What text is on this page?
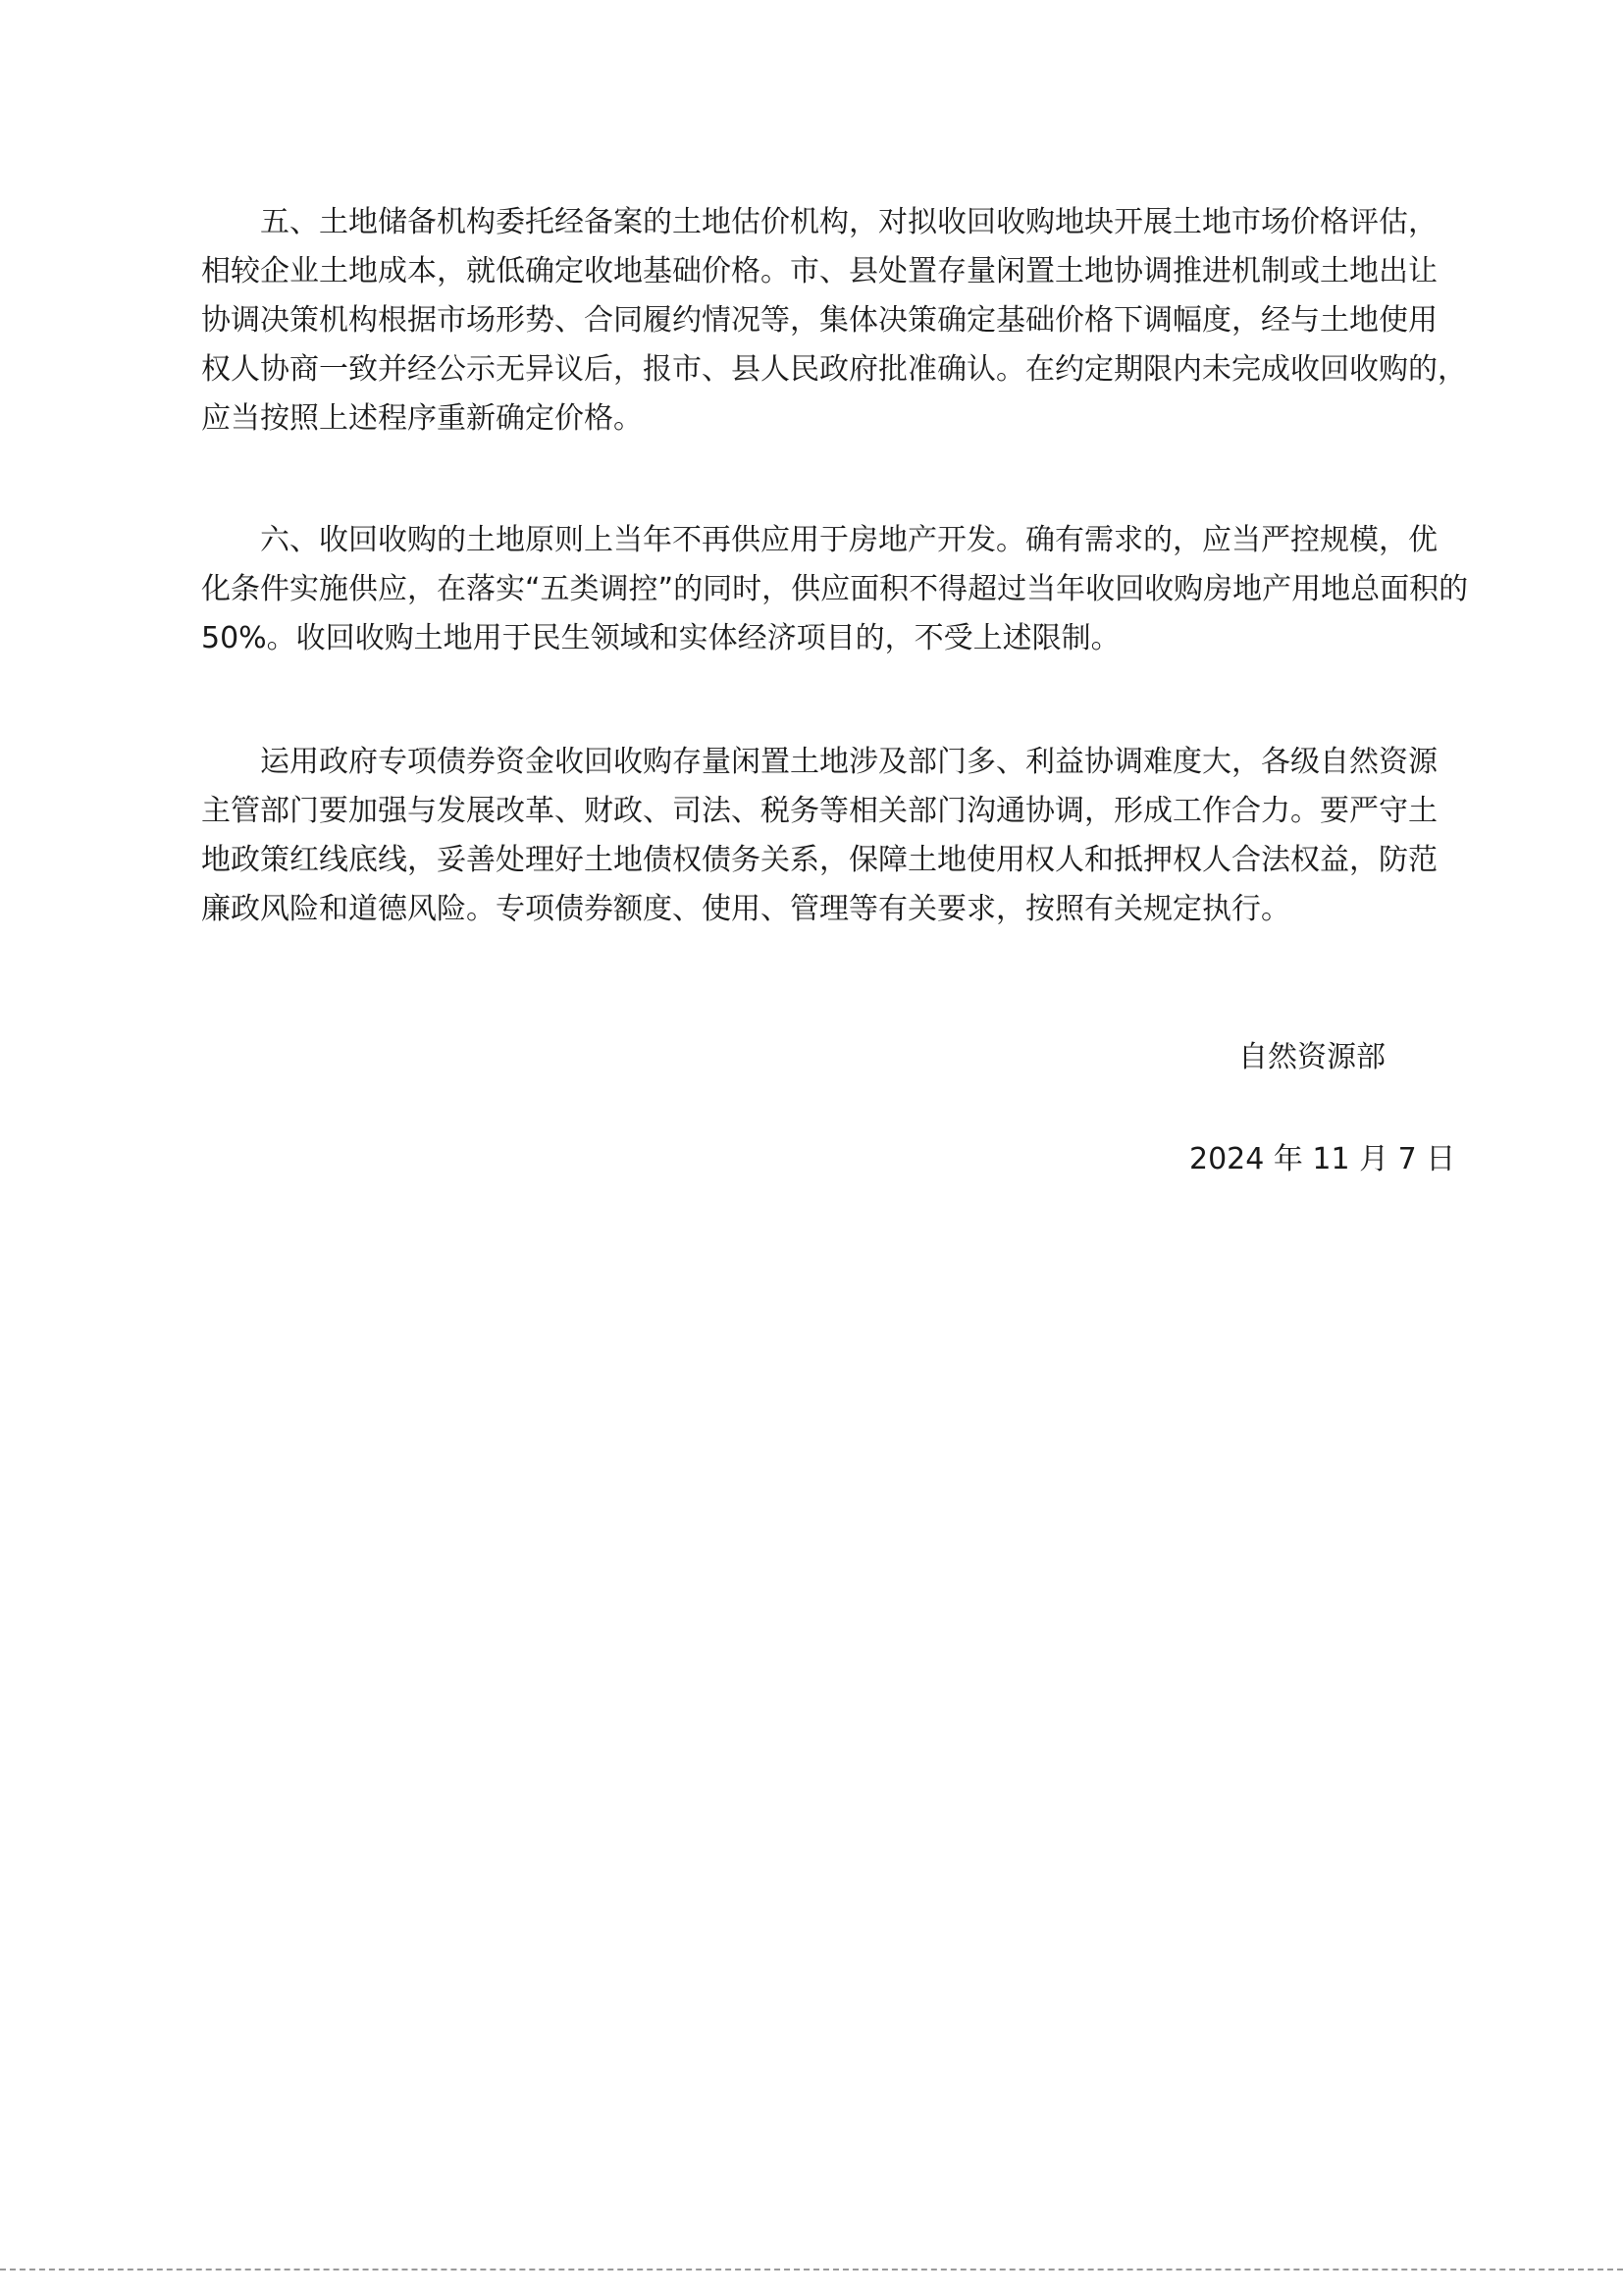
　　五、土地储备机构委托经备案的土地估价机构，对拟收回收购地块开展土地市场价格评估，
相较企业土地成本，就低确定收地基础价格。市、县处置存量闲置土地协调推进机制或土地出让
协调决策机构根据市场形势、合同履约情况等，集体决策确定基础价格下调幅度，经与土地使用
权人协商一致并经公示无异议后，报市、县人民政府批准确认。在约定期限内未完成收回收购的，
应当按照上述程序重新确定价格。
　　六、收回收购的土地原则上当年不再供应用于房地产开发。确有需求的，应当严控规模，优
化条件实施供应，在落实“五类调控”的同时，供应面积不得超过当年收回收购房地产用地总面积的
50%。收回收购土地用于民生领域和实体经济项目的，不受上述限制。
　　运用政府专项债券资金收回收购存量闲置土地涉及部门多、利益协调难度大，各级自然资源
主管部门要加强与发展改革、财政、司法、税务等相关部门沟通协调，形成工作合力。要严守土
地政策红线底线，妥善处理好土地债权债务关系，保障土地使用权人和抵押权人合法权益，防范
廉政风险和道德风险。专项债券额度、使用、管理等有关要求，按照有关规定执行。
自然资源部
2024 年 11 月 7 日
